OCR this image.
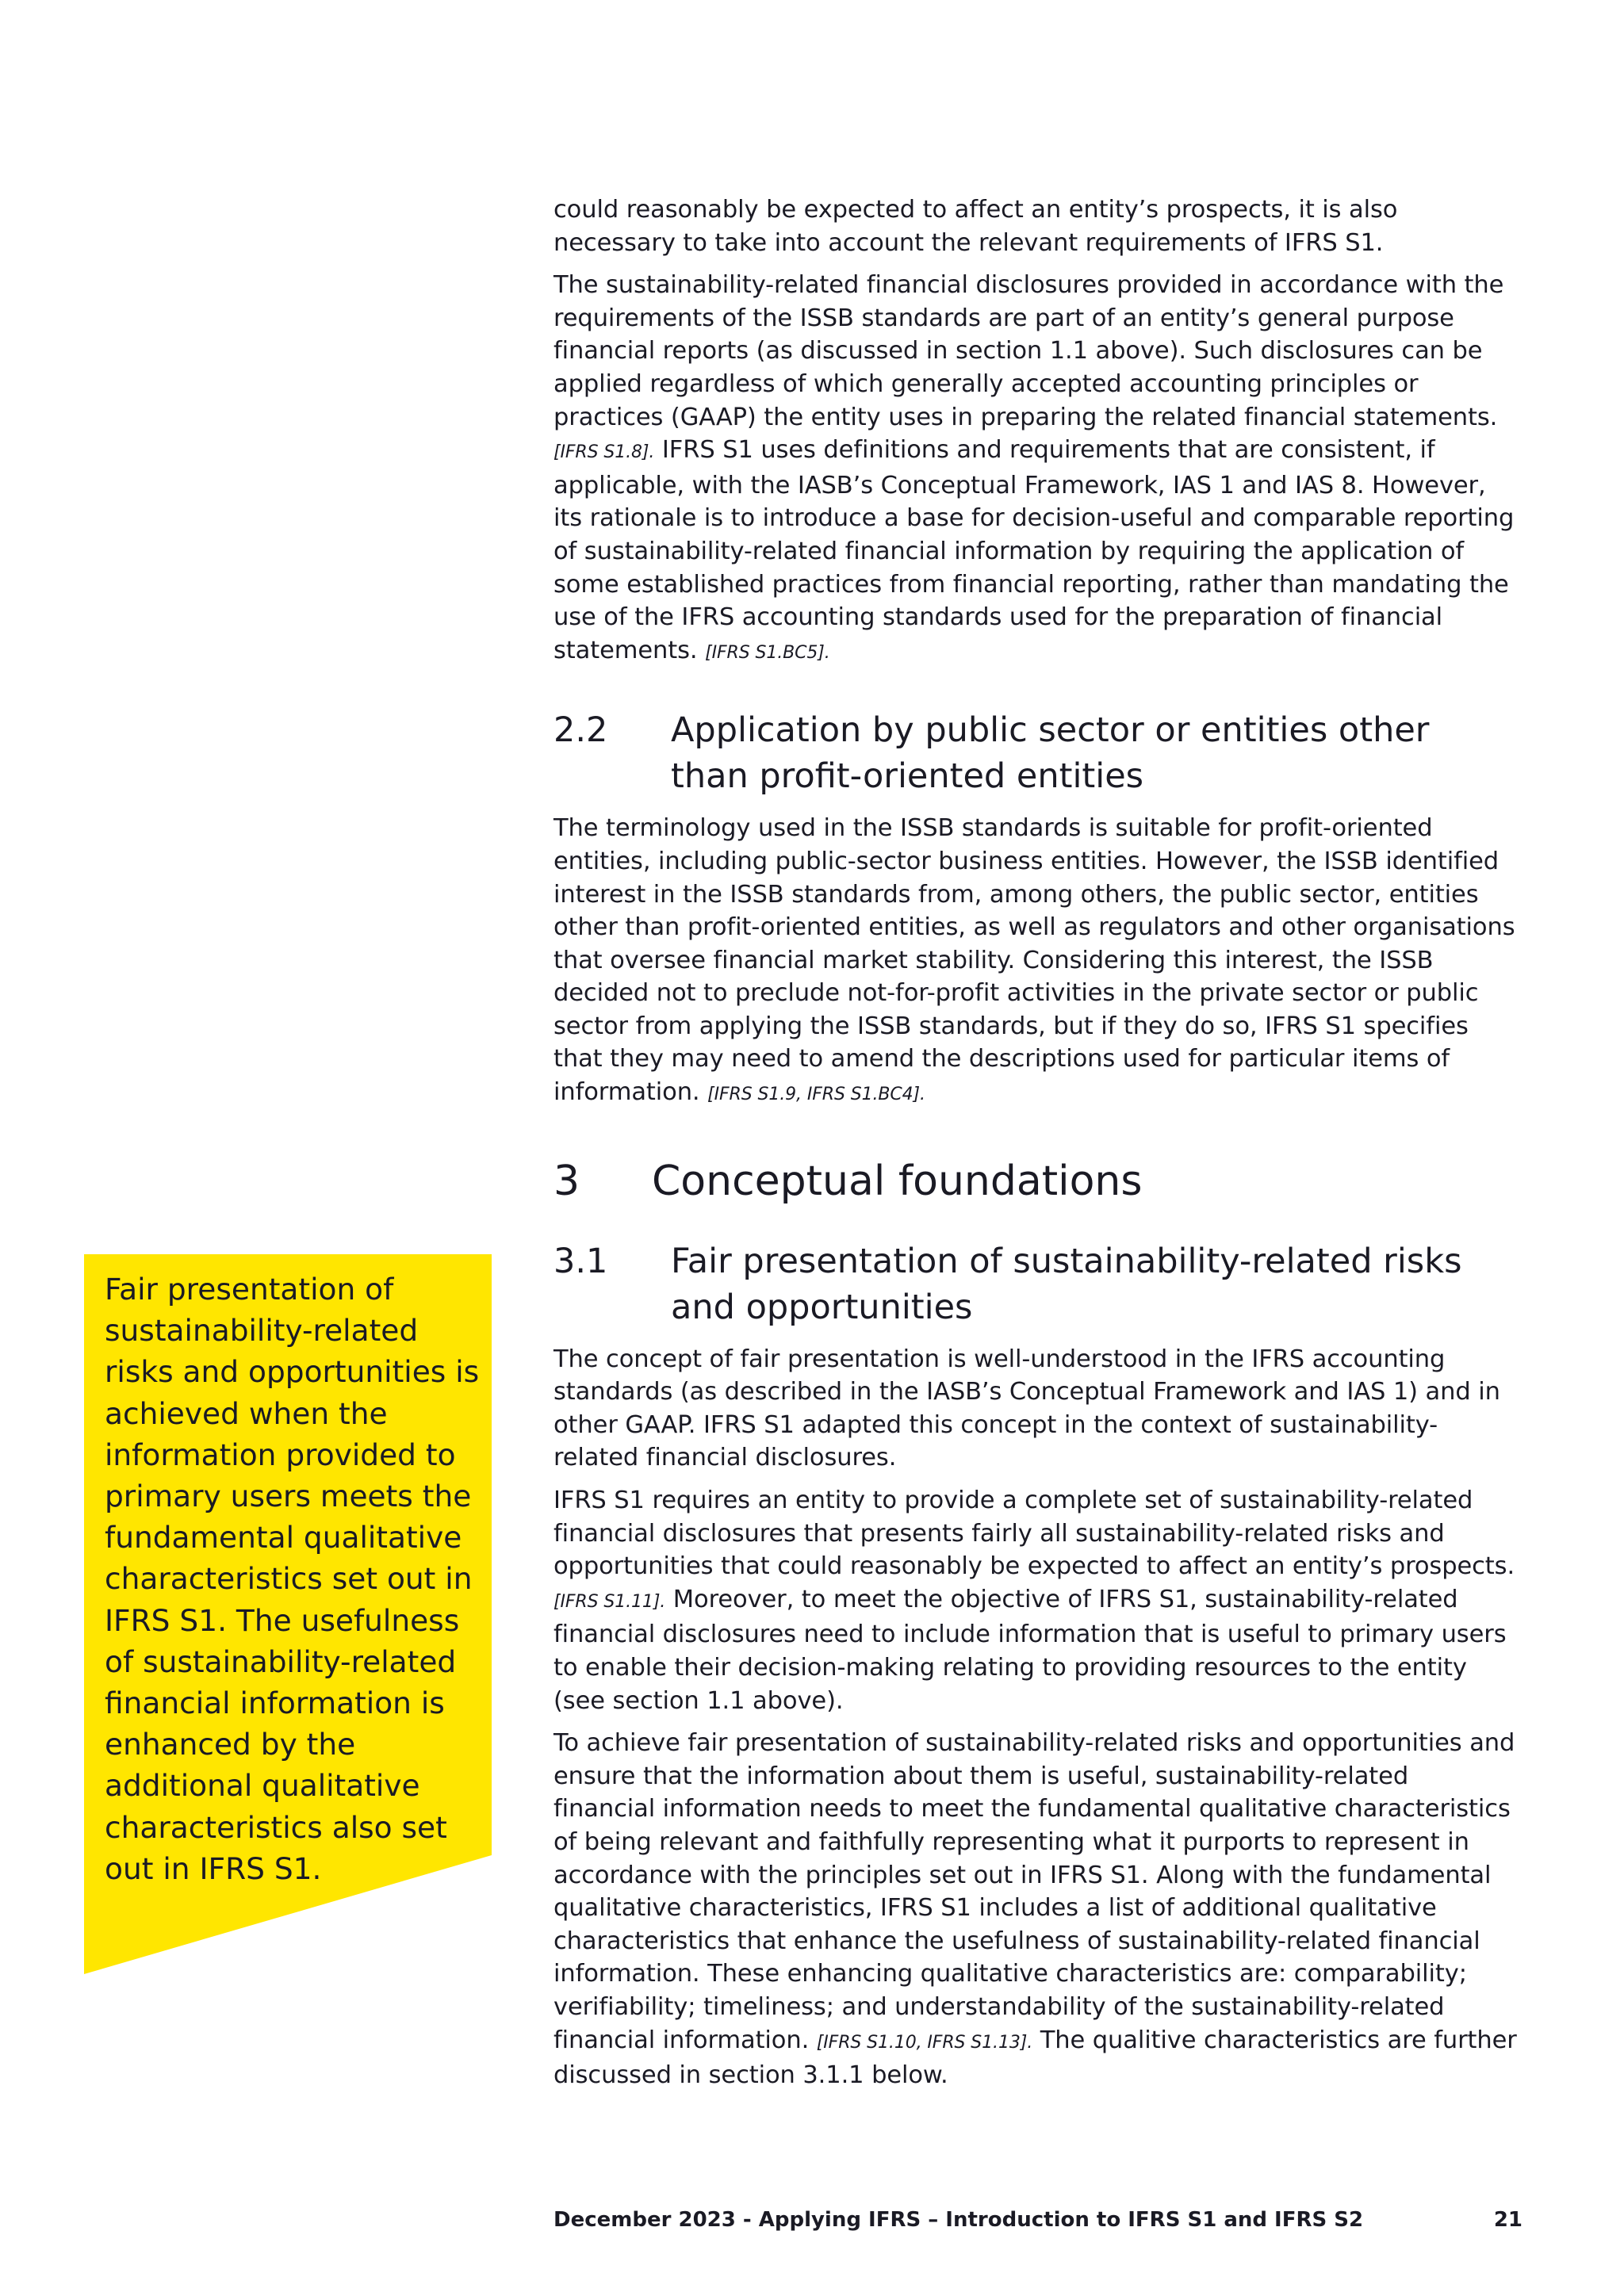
Fair presentation of sustainability-related risks and opportunities is achieved when the information provided to primary users meets the fundamental qualitative characteristics set out in IFRS S1. The usefulness of sustainability-related financial information is enhanced by the additional qualitative characteristics also set out in IFRS S1.

could reasonably be expected to affect an entity’s prospects, it is also necessary to take into account the relevant requirements of IFRS S1.

The sustainability-related financial disclosures provided in accordance with the requirements of the ISSB standards are part of an entity’s general purpose financial reports (as discussed in section 1.1 above). Such disclosures can be applied regardless of which generally accepted accounting principles or practices (GAAP) the entity uses in preparing the related financial statements. [IFRS S1.8]. IFRS S1 uses definitions and requirements that are consistent, if applicable, with the IASB’s Conceptual Framework, IAS 1 and IAS 8. However, its rationale is to introduce a base for decision-useful and comparable reporting of sustainability-related financial information by requiring the application of some established practices from financial reporting, rather than mandating the use of the IFRS accounting standards used for the preparation of financial statements. [IFRS S1.BC5].

2.2	Application by public sector or entities other than profit-oriented entities

The terminology used in the ISSB standards is suitable for profit-oriented entities, including public-sector business entities. However, the ISSB identified interest in the ISSB standards from, among others, the public sector, entities other than profit-oriented entities, as well as regulators and other organisations that oversee financial market stability. Considering this interest, the ISSB decided not to preclude not-for-profit activities in the private sector or public sector from applying the ISSB standards, but if they do so, IFRS S1 specifies that they may need to amend the descriptions used for particular items of information. [IFRS S1.9, IFRS S1.BC4].

3	Conceptual foundations
3.1	Fair presentation of sustainability-related risks and opportunities

The concept of fair presentation is well-understood in the IFRS accounting standards (as described in the IASB’s Conceptual Framework and IAS 1) and in other GAAP. IFRS S1 adapted this concept in the context of sustainability-related financial disclosures.

IFRS S1 requires an entity to provide a complete set of sustainability-related financial disclosures that presents fairly all sustainability-related risks and opportunities that could reasonably be expected to affect an entity’s prospects. [IFRS S1.11]. Moreover, to meet the objective of IFRS S1, sustainability-related financial disclosures need to include information that is useful to primary users to enable their decision-making relating to providing resources to the entity (see section 1.1 above).

To achieve fair presentation of sustainability-related risks and opportunities and ensure that the information about them is useful, sustainability-related financial information needs to meet the fundamental qualitative characteristics of being relevant and faithfully representing what it purports to represent in accordance with the principles set out in IFRS S1. Along with the fundamental qualitative characteristics, IFRS S1 includes a list of additional qualitative characteristics that enhance the usefulness of sustainability-related financial information. These enhancing qualitative characteristics are: comparability; verifiability; timeliness; and understandability of the sustainability-related financial information. [IFRS S1.10, IFRS S1.13]. The qualitive characteristics are further discussed in section 3.1.1 below.

December 2023 - Applying IFRS – Introduction to IFRS S1 and IFRS S2	21
